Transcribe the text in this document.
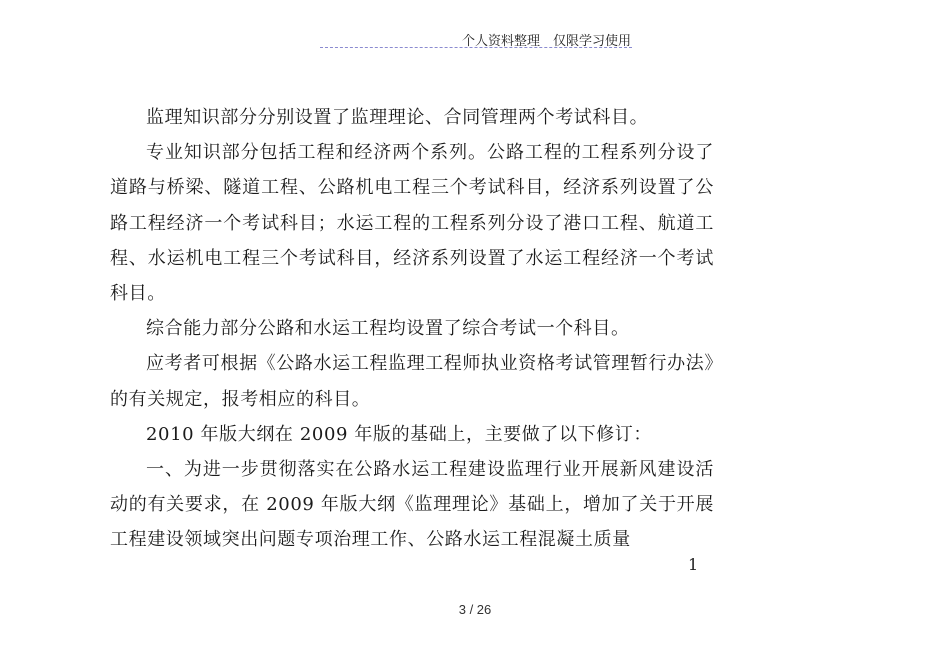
个人资料整理　仅限学习使用

监理知识部分分别设置了监理理论、合同管理两个考试科目。

专业知识部分包括工程和经济两个系列。公路工程的工程系列分设了道路与桥梁、隧道工程、公路机电工程三个考试科目，经济系列设置了公路工程经济一个考试科目；水运工程的工程系列分设了港口工程、航道工程、水运机电工程三个考试科目，经济系列设置了水运工程经济一个考试科目。

综合能力部分公路和水运工程均设置了综合考试一个科目。

应考者可根据《公路水运工程监理工程师执业资格考试管理暂行办法》的有关规定，报考相应的科目。

2010 年版大纲在 2009 年版的基础上，主要做了以下修订：

一、为进一步贯彻落实在公路水运工程建设监理行业开展新风建设活动的有关要求，在 2009 年版大纲《监理理论》基础上，增加了关于开展工程建设领域突出问题专项治理工作、公路水运工程混凝土质量

1
3 / 26
